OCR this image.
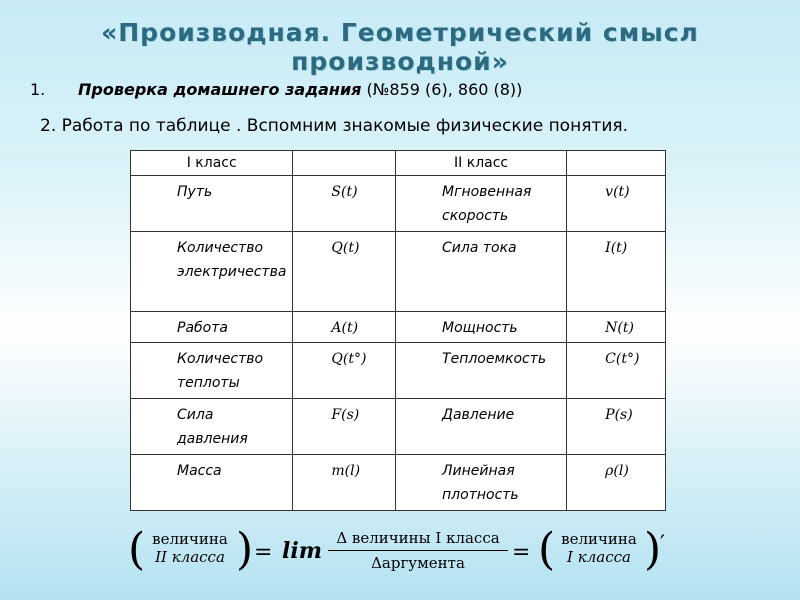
«Производная. Геометрический смысл производной»
1. Проверка домашнего задания (№859 (6), 860 (8))
2. Работа по таблице . Вспомним знакомые физические понятия.
I класс		II класс	
Путь	S(t)	Мгновенная скорость	v(t)
Количество электричества	Q(t)	Сила тока	I(t)
Работа	A(t)	Мощность	N(t)
Количество теплоты	Q(t°)	Теплоемкость	C(t°)
Сила давления	F(s)	Давление	P(s)
Масса	m(l)	Линейная плотность	ρ(l)
( величина
II класса ) = lim Δ величины I класса
Δаргумента	= ( величина
I класса )
′
